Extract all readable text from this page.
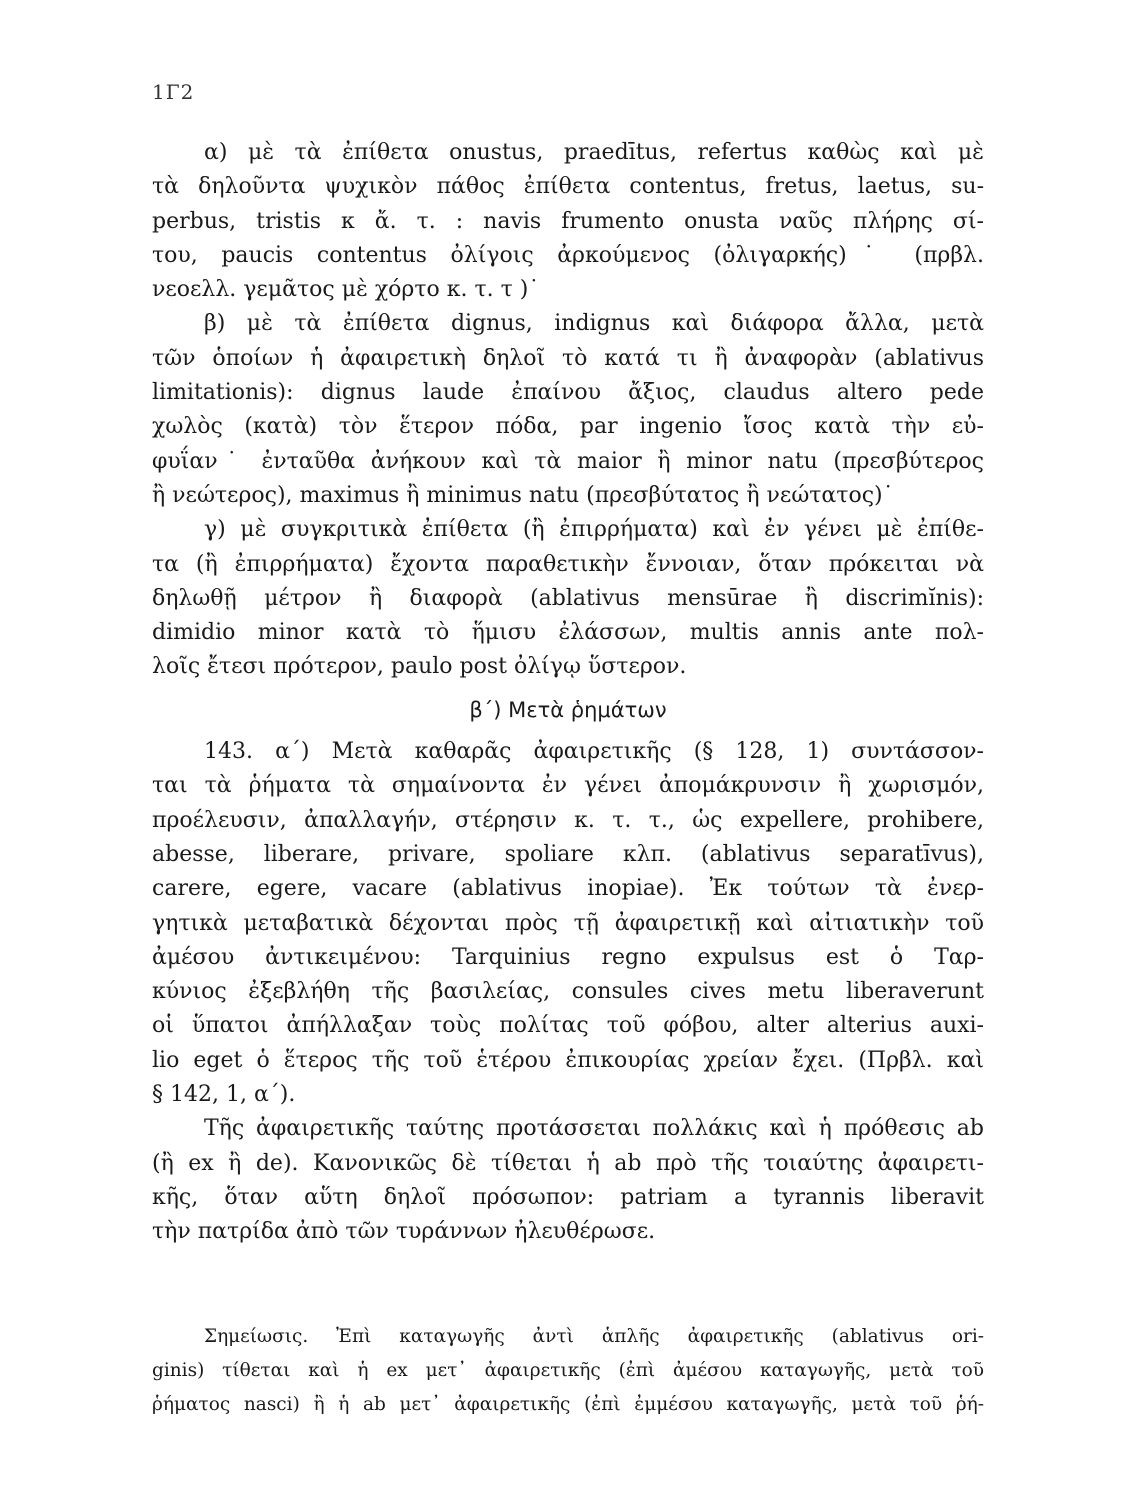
1Γ2
α) μὲ τὰ ἐπίθετα onustus, praedītus, refertus καθὼς καὶ μὲ
τὰ δηλοῦντα ψυχικὸν πάθος ἐπίθετα contentus, fretus, laetus, su-
perbus, tristis κ ἄ. τ. : navis frumento onusta ναῦς πλήρης σί-
του, paucis contentus ὀλίγοις ἀρκούμενος (ὀλιγαρκής)˙ (πρβλ.
νεοελλ. γεμᾶτος μὲ χόρτο κ. τ. τ )˙
β) μὲ τὰ ἐπίθετα dignus, indignus καὶ διάφορα ἄλλα, μετὰ
τῶν ὁποίων ἡ ἀφαιρετικὴ δηλοῖ τὸ κατά τι ἢ ἀναφορὰν (ablativus
limitationis): dignus laude ἐπαίνου ἄξιος, claudus altero pede
χωλὸς (κατὰ) τὸν ἕτερον πόδα, par ingenio ἴσος κατὰ τὴν εὐ-
φυΐαν˙ ἐνταῦθα ἀνήκουν καὶ τὰ maior ἢ minor natu (πρεσβύτερος
ἢ νεώτερος), maximus ἢ minimus natu (πρεσβύτατος ἢ νεώτατος)˙
γ) μὲ συγκριτικὰ ἐπίθετα (ἢ ἐπιρρήματα) καὶ ἐν γένει μὲ ἐπίθε-
τα (ἢ ἐπιρρήματα) ἔχοντα παραθετικὴν ἔννοιαν, ὅταν πρόκειται νὰ
δηλωθῇ μέτρον ἢ διαφορὰ (ablativus mensūrae ἢ discrimĭnis):
dimidio minor κατὰ τὸ ἥμισυ ἐλάσσων, multis annis ante πολ-
λοῖς ἔτεσι πρότερον, paulo post ὀλίγῳ ὕστερον.
β΄) Μετὰ ῥημάτων
143. α΄) Μετὰ καθαρᾶς ἀφαιρετικῆς (§ 128, 1) συντάσσον-
ται τὰ ῥήματα τὰ σημαίνοντα ἐν γένει ἀπομάκρυνσιν ἢ χωρισμόν,
προέλευσιν, ἀπαλλαγήν, στέρησιν κ. τ. τ., ὡς expellere, prohibere,
abesse, liberare, privare, spoliare κλπ. (ablativus separatīvus),
carere, egere, vacare (ablativus inopiae). Ἐκ τούτων τὰ ἐνερ-
γητικὰ μεταβατικὰ δέχονται πρὸς τῇ ἀφαιρετικῇ καὶ αἰτιατικὴν τοῦ
ἀμέσου ἀντικειμένου: Tarquinius regno expulsus est ὁ Ταρ-
κύνιος ἐξεβλήθη τῆς βασιλείας, consules cives metu liberaverunt
οἱ ὕπατοι ἀπήλλαξαν τοὺς πολίτας τοῦ φόβου, alter alterius auxi-
lio eget ὁ ἕτερος τῆς τοῦ ἑτέρου ἐπικουρίας χρείαν ἔχει. (Πρβλ. καὶ
§ 142, 1, α΄).
Τῆς ἀφαιρετικῆς ταύτης προτάσσεται πολλάκις καὶ ἡ πρόθεσις ab
(ἢ ex ἢ de). Κανονικῶς δὲ τίθεται ἡ ab πρὸ τῆς τοιαύτης ἀφαιρετι-
κῆς, ὅταν αὕτη δηλοῖ πρόσωπον: patriam a tyrannis liberavit
τὴν πατρίδα ἀπὸ τῶν τυράννων ἠλευθέρωσε.
Σημείωσις. Ἐπὶ καταγωγῆς ἀντὶ ἁπλῆς ἀφαιρετικῆς (ablativus ori-
ginis) τίθεται καὶ ἡ ex μετ᾽ ἀφαιρετικῆς (ἐπὶ ἀμέσου καταγωγῆς, μετὰ τοῦ
ῥήματος nasci) ἢ ἡ ab μετ᾽ ἀφαιρετικῆς (ἐπὶ ἐμμέσου καταγωγῆς, μετὰ τοῦ ῥή-
